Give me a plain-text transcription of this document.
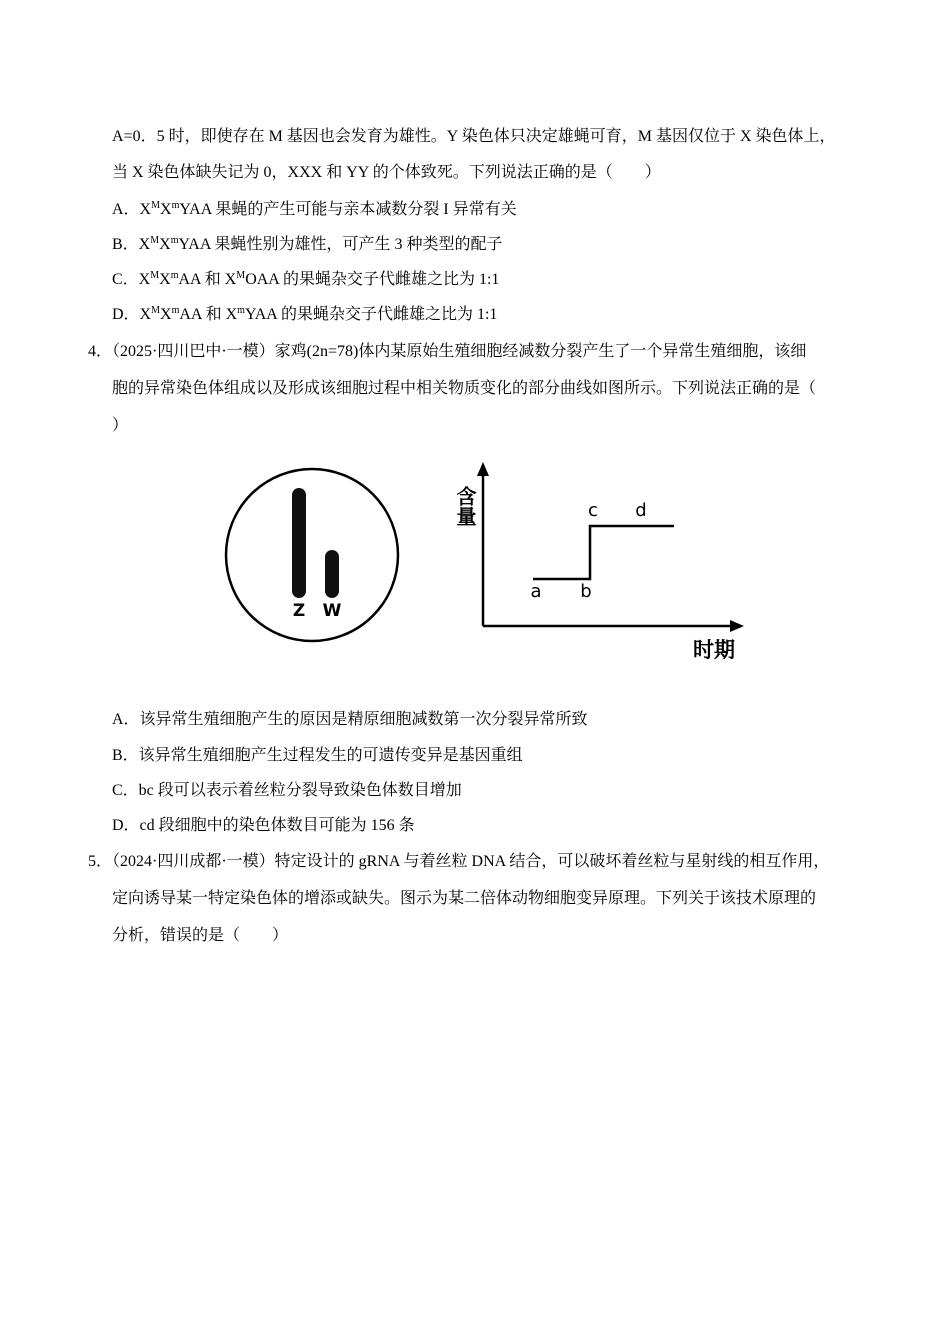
A=0．5 时，即使存在 M 基因也会发育为雄性。Y 染色体只决定雄蝇可育，M 基因仅位于 X 染色体上，
当 X 染色体缺失记为 0，XXX 和 YY 的个体致死。下列说法正确的是（　　）
A．$X^MX^mYAA$ 果蝇的产生可能与亲本减数分裂 I 异常有关
B．$X^MX^mYAA$ 果蝇性别为雄性，可产生 3 种类型的配子
C．$X^MX^mAA$ 和 $X^MOAA$ 的果蝇杂交子代雌雄之比为 1:1
D．$X^MX^mAA$ 和 $X^mYAA$ 的果蝇杂交子代雌雄之比为 1:1
4．（2025·四川巴中·一模）家鸡(2n=78)体内某原始生殖细胞经减数分裂产生了一个异常生殖细胞，该细
胞的异常染色体组成以及形成该细胞过程中相关物质变化的部分曲线如图所示。下列说法正确的是（
）
Z W
含量
时期
a b
c d
A．该异常生殖细胞产生的原因是精原细胞减数第一次分裂异常所致
B．该异常生殖细胞产生过程发生的可遗传变异是基因重组
C．bc 段可以表示着丝粒分裂导致染色体数目增加
D．cd 段细胞中的染色体数目可能为 156 条
5．（2024·四川成都·一模）特定设计的 gRNA 与着丝粒 DNA 结合，可以破坏着丝粒与星射线的相互作用，
定向诱导某一特定染色体的增添或缺失。图示为某二倍体动物细胞变异原理。下列关于该技术原理的
分析，错误的是（　　）
